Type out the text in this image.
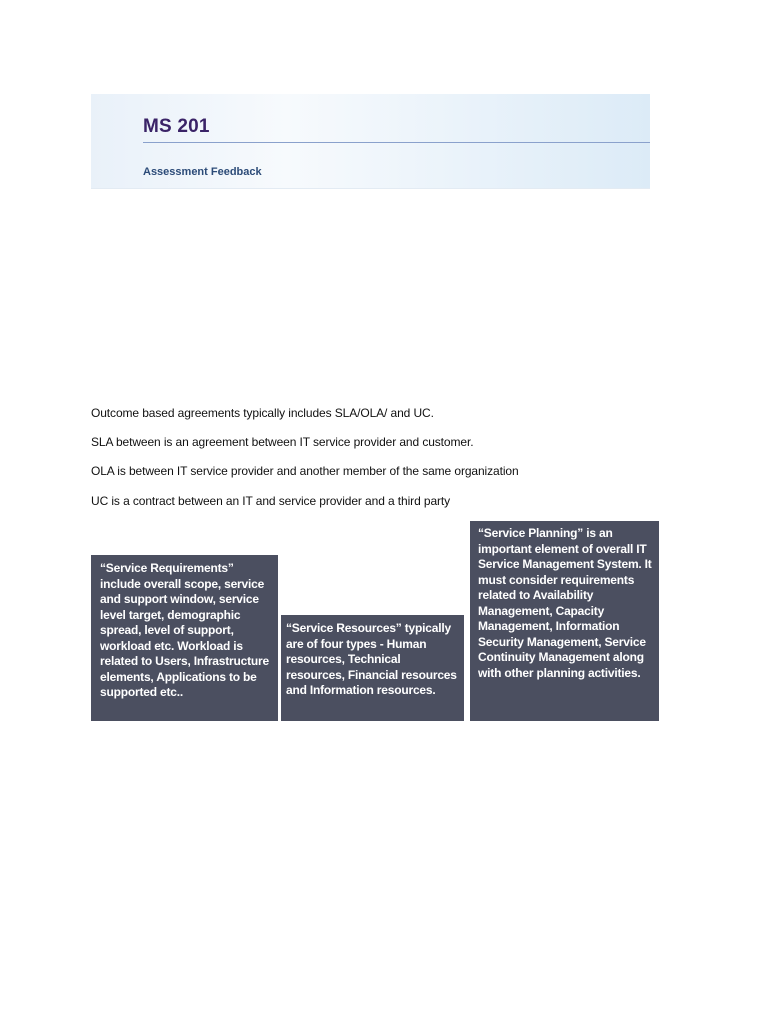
MS 201
Assessment Feedback
Outcome based agreements typically includes SLA/OLA/ and UC.
SLA between is an agreement between IT service provider and customer.
OLA is between IT service provider and another member of the same organization
UC is a contract between an IT and service provider and a third party
“Service Requirements” include overall scope, service and support window, service level target, demographic spread, level of support, workload etc. Workload is related to Users, Infrastructure elements, Applications to be supported etc..
“Service Resources” typically are of four types - Human resources, Technical resources, Financial resources and Information resources.
“Service Planning” is an important element of overall IT Service Management System. It must consider requirements related to Availability Management, Capacity Management, Information Security Management, Service Continuity Management along with other planning activities.
